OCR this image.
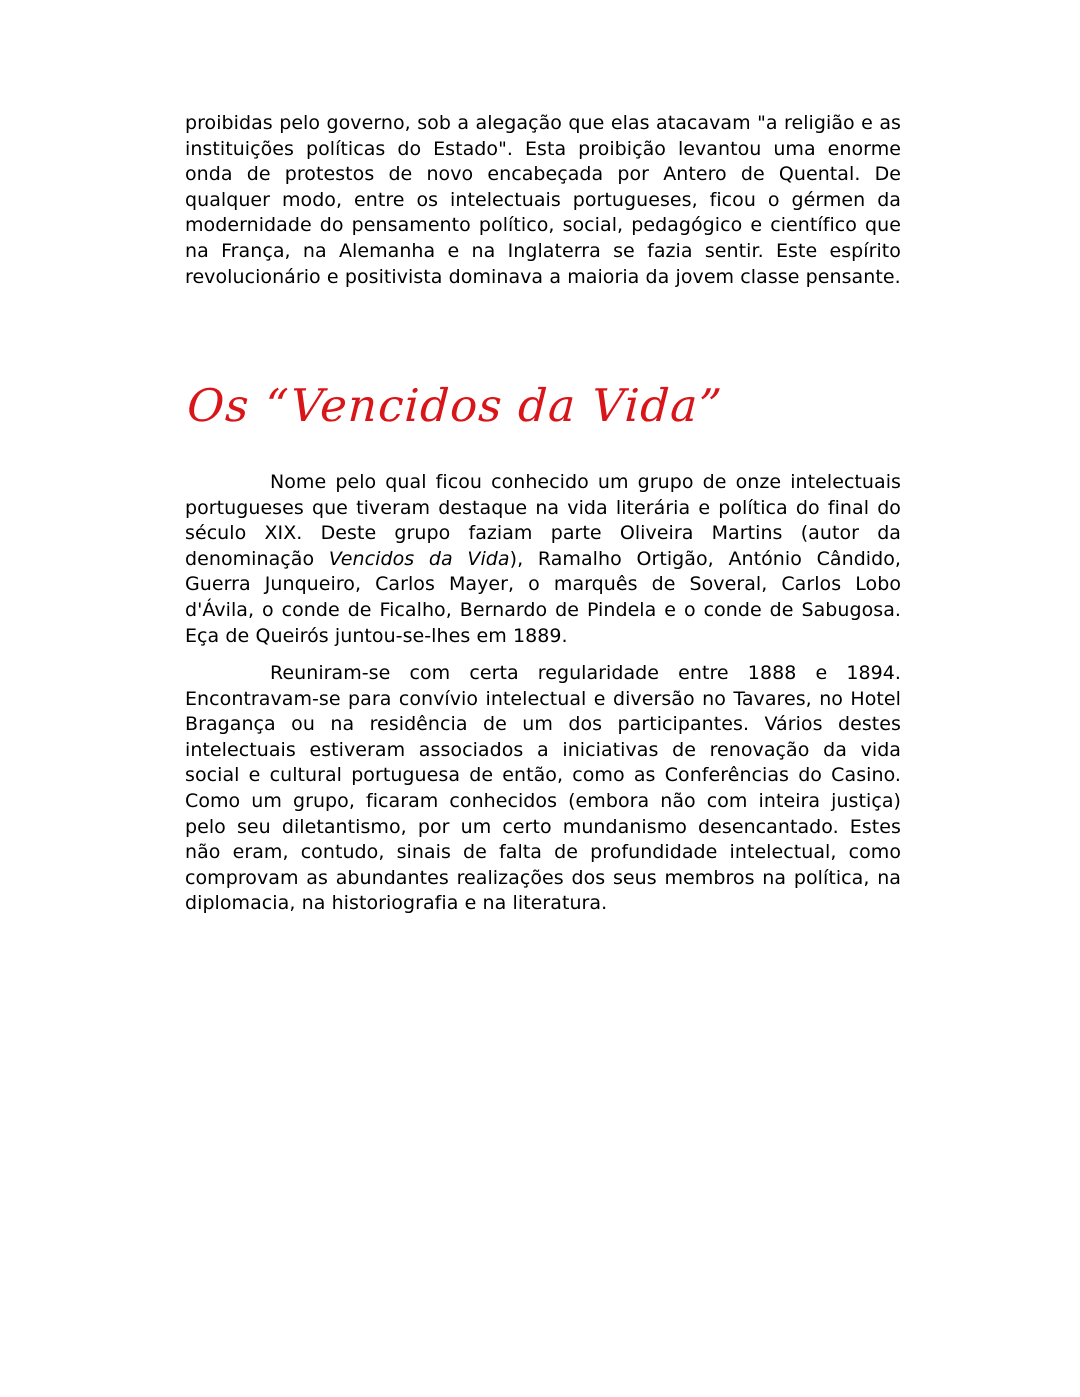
proibidas pelo governo, sob a alegação que elas atacavam "a religião e as instituições políticas do Estado". Esta proibição levantou uma enorme onda de protestos de novo encabeçada por Antero de Quental. De qualquer modo, entre os intelectuais portugueses, ficou o gérmen da modernidade do pensamento político, social, pedagógico e científico que na França, na Alemanha e na Inglaterra se fazia sentir. Este espírito revolucionário e positivista dominava a maioria da jovem classe pensante.

Os “Vencidos da Vida”

Nome pelo qual ficou conhecido um grupo de onze intelectuais portugueses que tiveram destaque na vida literária e política do final do século XIX. Deste grupo faziam parte Oliveira Martins (autor da denominação Vencidos da Vida), Ramalho Ortigão, António Cândido, Guerra Junqueiro, Carlos Mayer, o marquês de Soveral, Carlos Lobo d'Ávila, o conde de Ficalho, Bernardo de Pindela e o conde de Sabugosa. Eça de Queirós juntou-se-lhes em 1889.

Reuniram-se com certa regularidade entre 1888 e 1894. Encontravam-se para convívio intelectual e diversão no Tavares, no Hotel Bragança ou na residência de um dos participantes. Vários destes intelectuais estiveram associados a iniciativas de renovação da vida social e cultural portuguesa de então, como as Conferências do Casino. Como um grupo, ficaram conhecidos (embora não com inteira justiça) pelo seu diletantismo, por um certo mundanismo desencantado. Estes não eram, contudo, sinais de falta de profundidade intelectual, como comprovam as abundantes realizações dos seus membros na política, na diplomacia, na historiografia e na literatura.
